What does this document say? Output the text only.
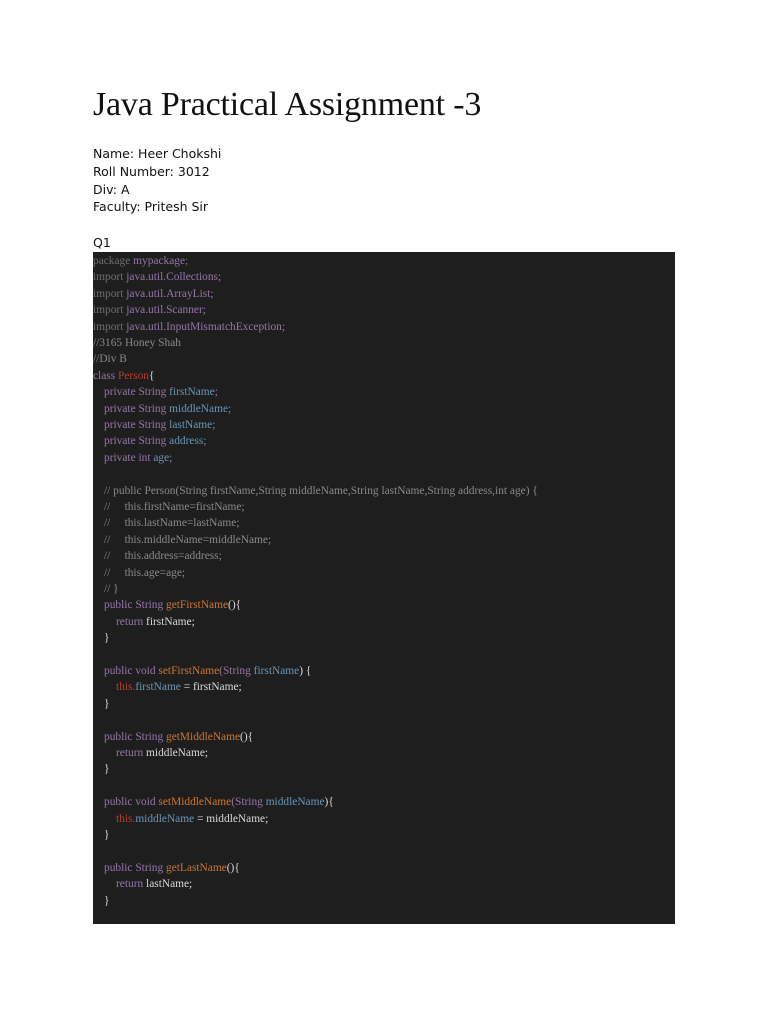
Java Practical Assignment -3
Name: Heer Chokshi
Roll Number: 3012
Div: A
Faculty: Pritesh Sir
Q1
package mypackage;
import java.util.Collections;
import java.util.ArrayList;
import java.util.Scanner;
import java.util.InputMismatchException;
//3165 Honey Shah
//Div B
class Person{
private String firstName;
private String middleName;
private String lastName;
private String address;
private int age;
// public Person(String firstName,String middleName,String lastName,String address,int age) {
//     this.firstName=firstName;
//     this.lastName=lastName;
//     this.middleName=middleName;
//     this.address=address;
//     this.age=age;
// }
public String getFirstName(){
return firstName;
}
public void setFirstName(String firstName) {
this.firstName = firstName;
}
public String getMiddleName(){
return middleName;
}
public void setMiddleName(String middleName){
this.middleName = middleName;
}
public String getLastName(){
return lastName;
}
